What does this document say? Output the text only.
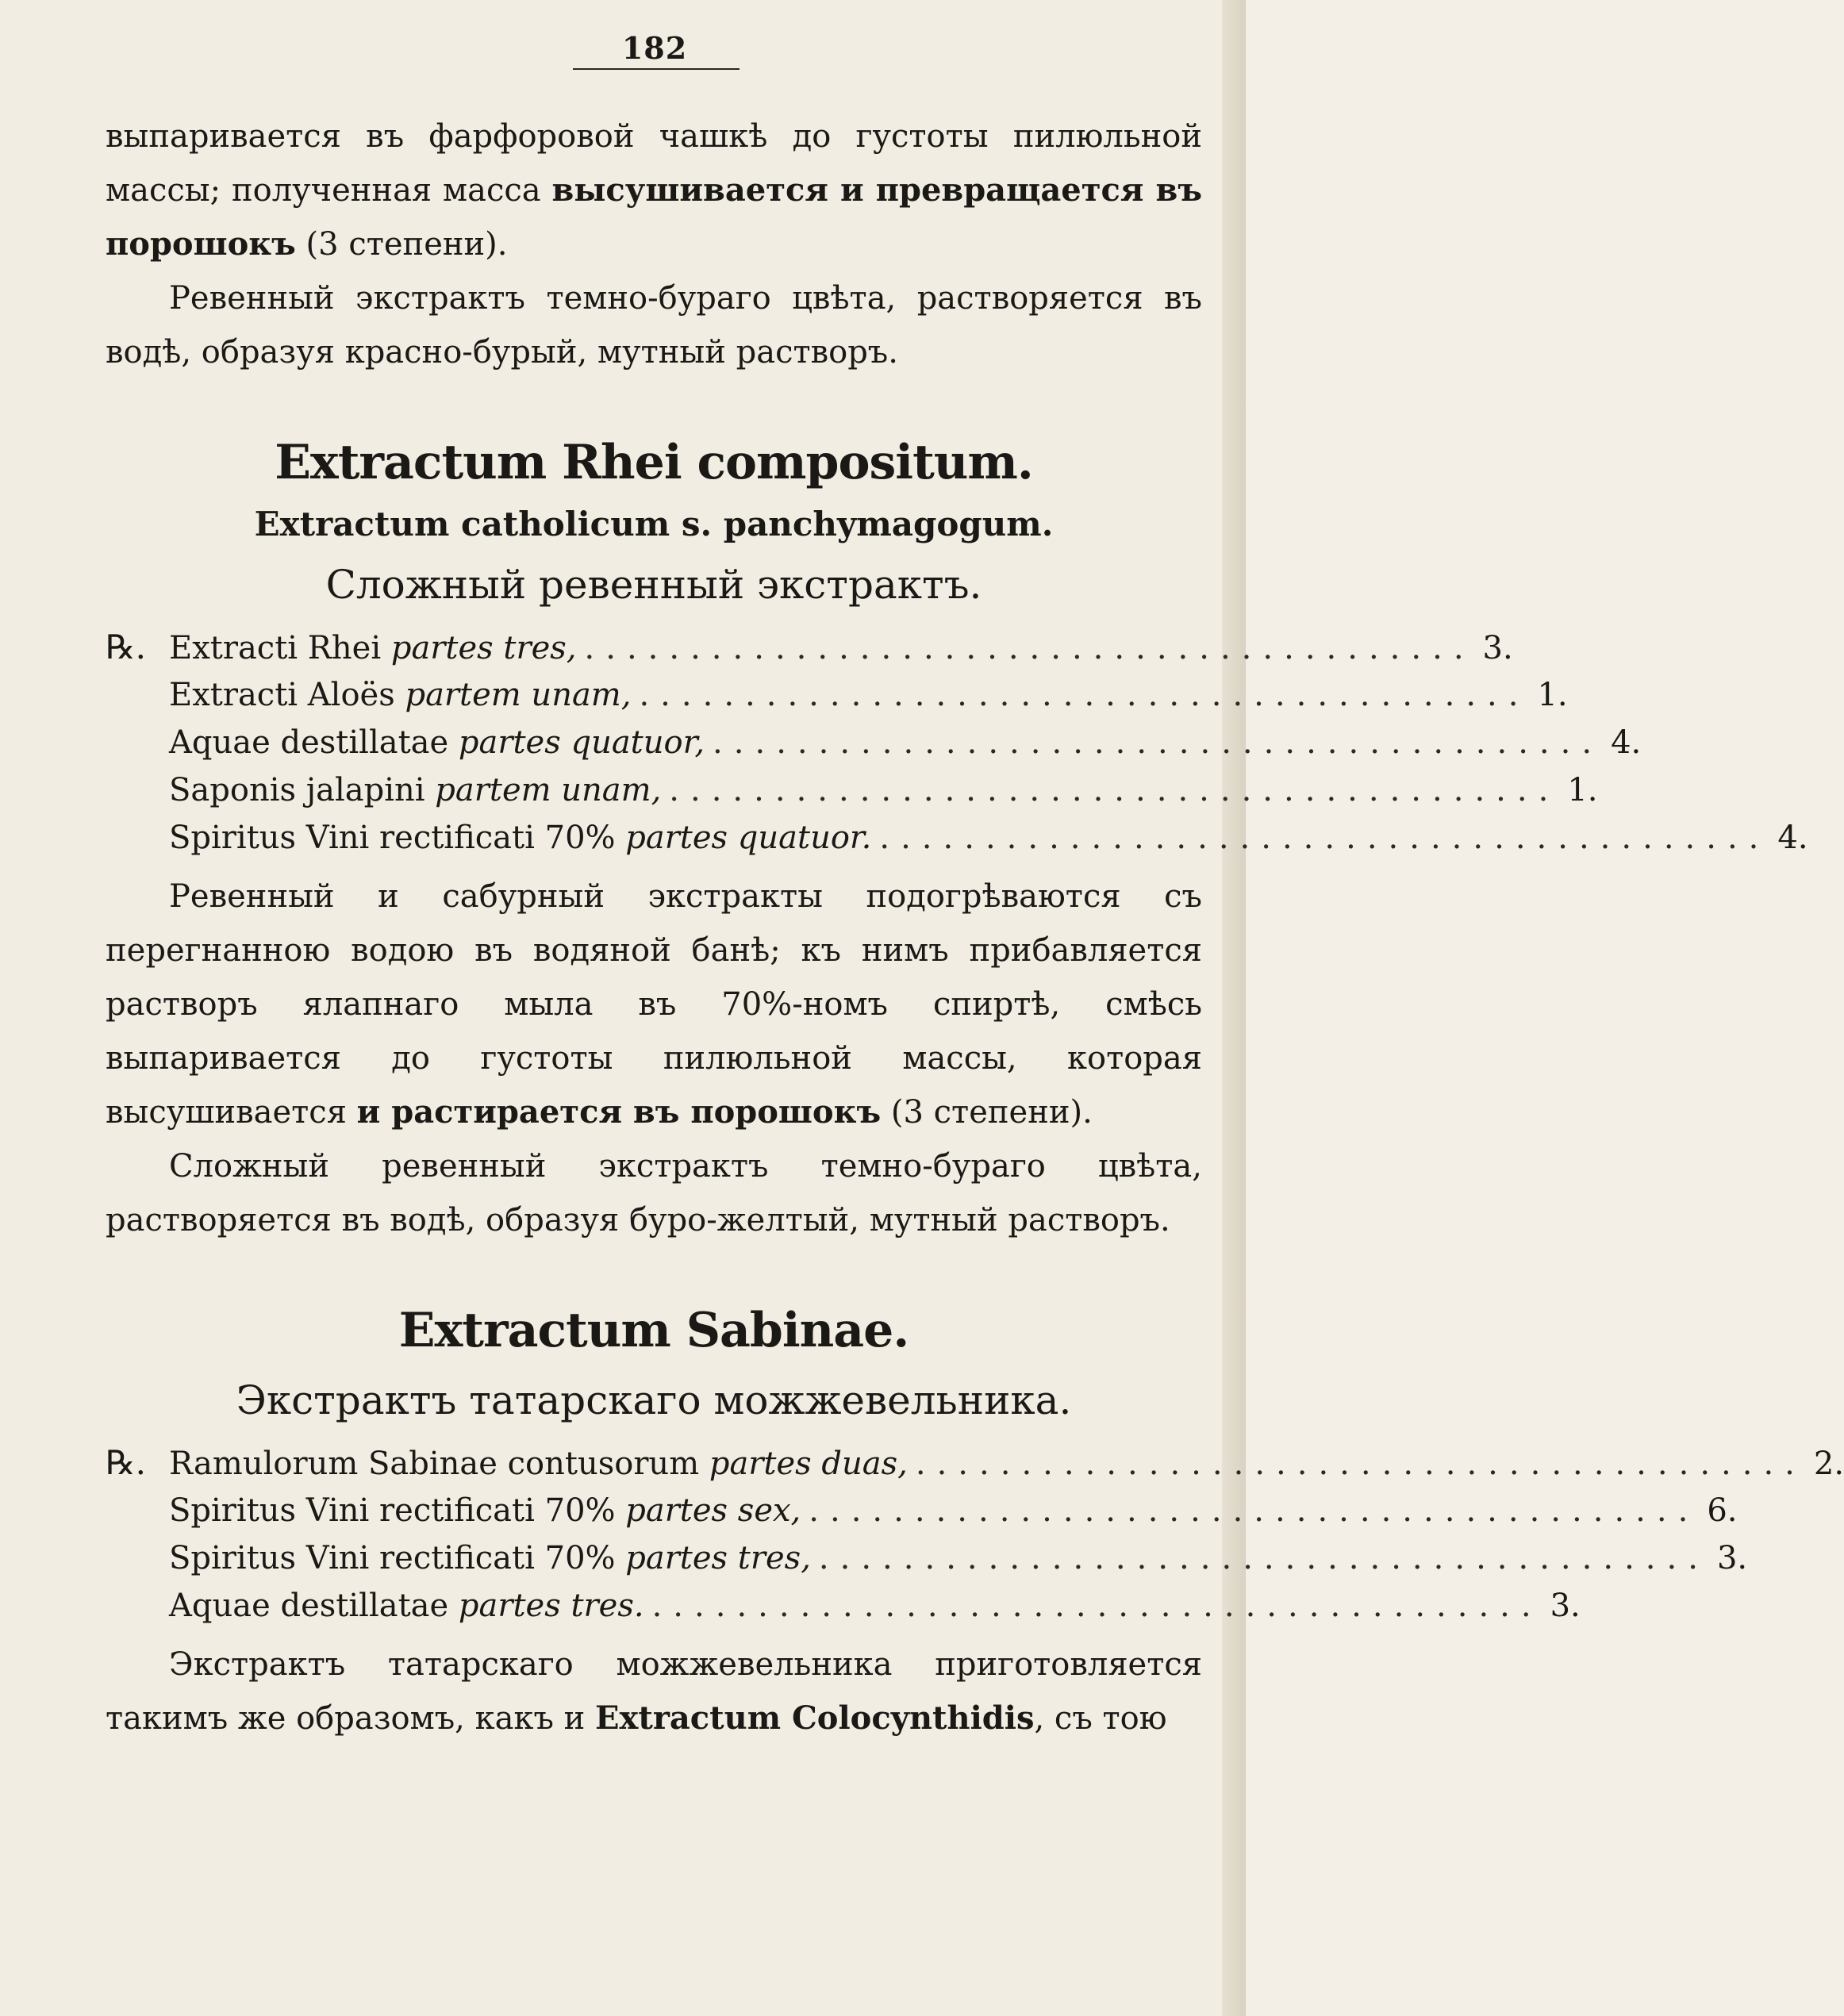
182

выпаривается въ фарфоровой чашкѣ до густоты пилюльной массы; полученная масса высушивается и превращается въ порошокъ (3 степени).

Ревенный экстрактъ темно-бураго цвѣта, растворяется въ водѣ, образуя красно-бурый, мутный растворъ.

Extractum Rhei compositum.
Extractum catholicum s. panchymagogum.
Сложный ревенный экстрактъ.
℞. Extracti Rhei partes tres, .......................................... 3.
Extracti Aloës partem unam, .......................................... 1.
Aquae destillatae partes quatuor, .......................................... 4.
Saponis jalapini partem unam, .......................................... 1.
Spiritus Vini rectificati 70% partes quatuor. .......................................... 4.

Ревенный и сабурный экстракты подогрѣваются съ перегнанною водою въ водяной банѣ; къ нимъ прибавляется растворъ ялапнаго мыла въ 70%-номъ спиртѣ, смѣсь выпаривается до густоты пилюльной массы, которая высушивается и растирается въ порошокъ (3 степени).

Сложный ревенный экстрактъ темно-бураго цвѣта, растворяется въ водѣ, образуя буро-желтый, мутный растворъ.

Extractum Sabinae.
Экстрактъ татарскаго можжевельника.
℞. Ramulorum Sabinae contusorum partes duas, .......................................... 2.
Spiritus Vini rectificati 70% partes sex, .......................................... 6.
Spiritus Vini rectificati 70% partes tres, .......................................... 3.
Aquae destillatae partes tres. .......................................... 3.

Экстрактъ татарскаго можжевельника приготовляется такимъ же образомъ, какъ и Extractum Colocynthidis, съ тою
